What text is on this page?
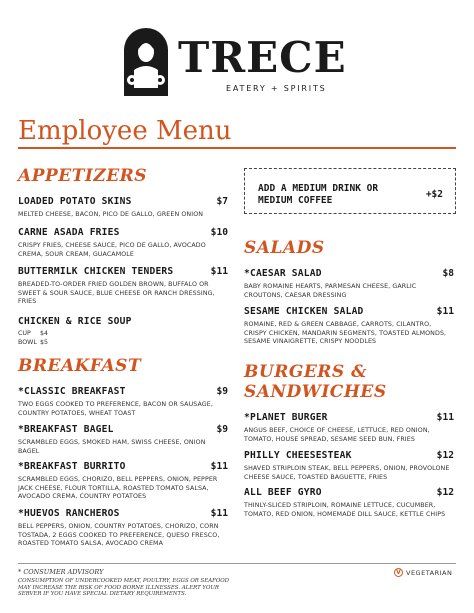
TRECE
EATERY + SPIRITS
Employee Menu
APPETIZERS
LOADED POTATO SKINS	$7
MELTED CHEESE, BACON, PICO DE GALLO, GREEN ONION
CARNE ASADA FRIES	$10
CRISPY FRIES, CHEESE SAUCE, PICO DE GALLO, AVOCADO CREMA, SOUR CREAM, GUACAMOLE
BUTTERMILK CHICKEN TENDERS	$11
BREADED-TO-ORDER FRIED GOLDEN BROWN, BUFFALO OR SWEET & SOUR SAUCE, BLUE CHEESE OR RANCH DRESSING, FRIES
CHICKEN & RICE SOUP
CUP $4
BOWL $5
BREAKFAST
*CLASSIC BREAKFAST	$9
TWO EGGS COOKED TO PREFERENCE, BACON OR SAUSAGE, COUNTRY POTATOES, WHEAT TOAST
*BREAKFAST BAGEL	$9
SCRAMBLED EGGS, SMOKED HAM, SWISS CHEESE, ONION BAGEL
*BREAKFAST BURRITO	$11
SCRAMBLED EGGS, CHORIZO, BELL PEPPERS, ONION, PEPPER JACK CHEESE, FLOUR TORTILLA, ROASTED TOMATO SALSA, AVOCADO CREMA, COUNTRY POTATOES
*HUEVOS RANCHEROS	$11
BELL PEPPERS, ONION, COUNTRY POTATOES, CHORIZO, CORN TOSTADA, 2 EGGS COOKED TO PREFERENCE, QUESO FRESCO, ROASTED TOMATO SALSA, AVOCADO CREMA
ADD A MEDIUM DRINK OR MEDIUM COFFEE
+$2
SALADS
*CAESAR SALAD	$8
BABY ROMAINE HEARTS, PARMESAN CHEESE, GARLIC CROUTONS, CAESAR DRESSING
SESAME CHICKEN SALAD	$11
ROMAINE, RED & GREEN CABBAGE, CARROTS, CILANTRO, CRISPY CHICKEN, MANDARIN SEGMENTS, TOASTED ALMONDS, SESAME VINAIGRETTE, CRISPY NOODLES
BURGERS &
SANDWICHES
*PLANET BURGER	$11
ANGUS BEEF, CHOICE OF CHEESE, LETTUCE, RED ONION, TOMATO, HOUSE SPREAD, SESAME SEED BUN, FRIES
PHILLY CHEESESTEAK	$12
SHAVED STRIPLOIN STEAK, BELL PEPPERS, ONION, PROVOLONE CHEESE SAUCE, TOASTED BAGUETTE, FRIES
ALL BEEF GYRO	$12
THINLY-SLICED STRIPLOIN, ROMAINE LETTUCE, CUCUMBER, TOMATO, RED ONION, HOMEMADE DILL SAUCE, KETTLE CHIPS
* CONSUMER ADVISORY
CONSUMPTION OF UNDERCOOKED MEAT, POULTRY, EGGS OR SEAFOOD MAY INCREASE THE RISK OF FOOD BORNE ILLNESSES. ALERT YOUR SERVER IF YOU HAVE SPECIAL DIETARY REQUIREMENTS.
V VEGETARIAN
